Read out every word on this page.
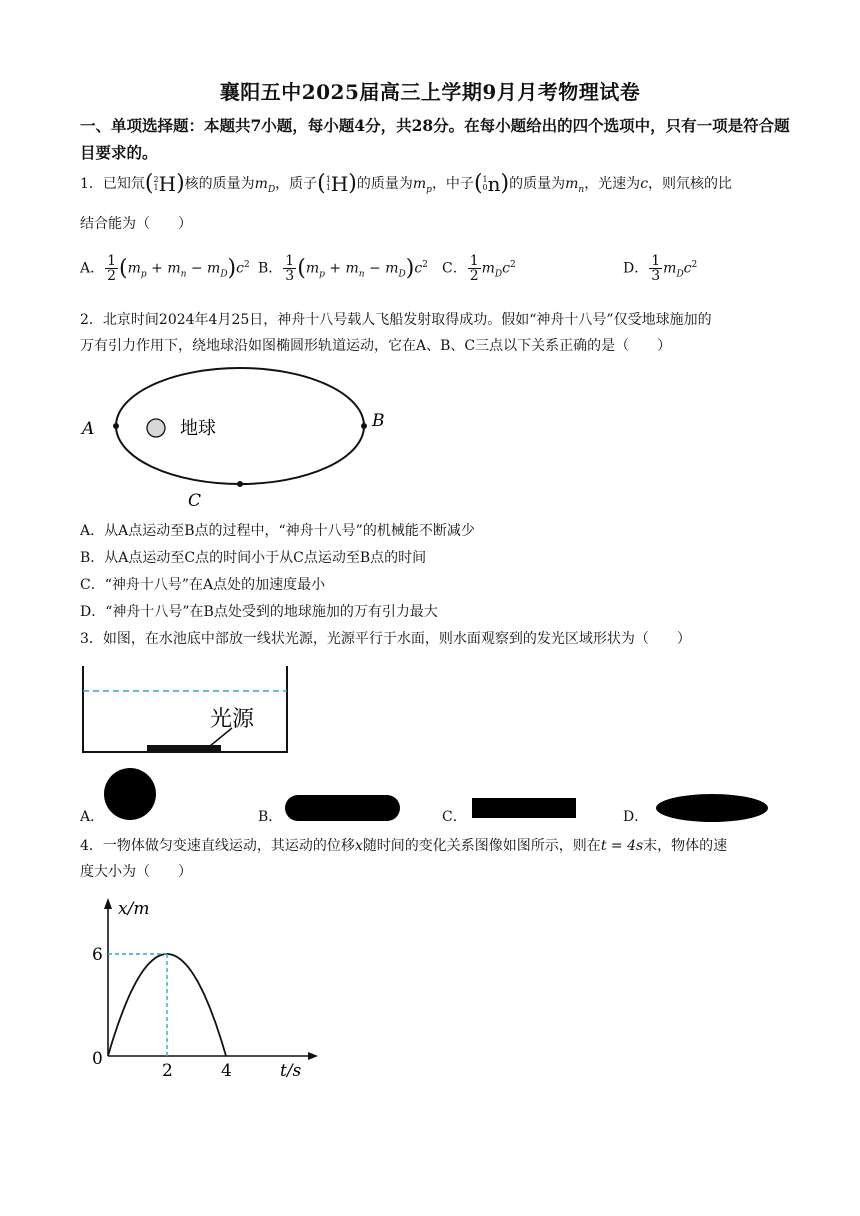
襄阳五中2025届高三上学期9月月考物理试卷
一、单项选择题：本题共7小题，每小题4分，共28分。在每小题给出的四个选项中，只有一项是符合题目要求的。
1．已知氘(2
1H)核的质量为$m_D$，质子(1
1H)的质量为$m_p$，中子(1
0n)的质量为$m_n$，光速为c，则氘核的比
结合能为（　　）
A． $\frac{1}{2} (m_p + m_n - m_D)c^2$ B． $\frac{1}{3} (m_p + m_n - m_D)c^2$ C． $\frac{1}{2} m_Dc^2$	D． $\frac{1}{3} m_Dc^2$
2．北京时间2024年4月25日，神舟十八号载人飞船发射取得成功。假如“神舟十八号”仅受地球施加的
万有引力作用下，绕地球沿如图椭圆形轨道运动，它在A、B、C三点以下关系正确的是（　　）
地球
A	B
C
A．从A点运动至B点的过程中，“神舟十八号”的机械能不断减少
B．从A点运动至C点的时间小于从C点运动至B点的时间
C．“神舟十八号”在A点处的加速度最小
D．“神舟十八号”在B点处受到的地球施加的万有引力最大
3．如图，在水池底中部放一线状光源，光源平行于水面，则水面观察到的发光区域形状为（　　）
光源
A．	B．	C．	D．
4．一物体做匀变速直线运动，其运动的位移x随时间的变化关系图像如图所示，则在t = 4s末，物体的速
度大小为（　　）
x/m
t/s
0
2	4
6
